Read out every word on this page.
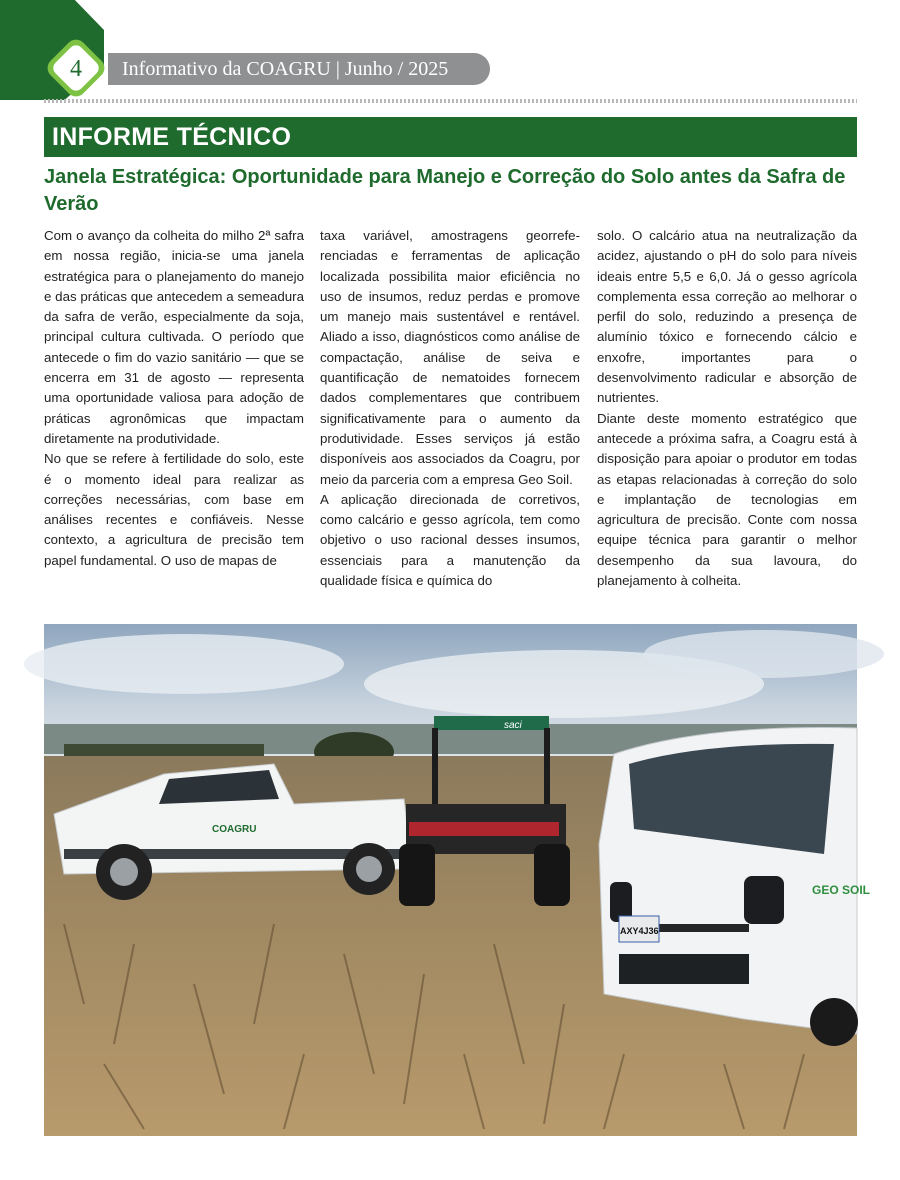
4	Informativo da COAGRU | Junho / 2025
INFORME TÉCNICO
Janela Estratégica: Oportunidade para Manejo e Correção do Solo antes da Safra de Verão

Com o avanço da colheita do milho 2ª safra em nossa região, inicia-se uma janela estratégica para o planejamento do manejo e das práticas que antecedem a semeadura da safra de verão, especialmente da soja, principal cultura cultivada. O período que antecede o fim do vazio sanitário — que se encerra em 31 de agosto — representa uma oportunidade valiosa para adoção de práticas agronômicas que impactam diretamente na produtividade.

No que se refere à fertilidade do solo, este é o momento ideal para realizar as correções necessárias, com base em análises recentes e confiáveis. Nesse contexto, a agricultura de precisão tem papel fundamental. O uso de mapas de

taxa variável, amostragens georreferenciadas e ferramentas de aplicação localizada possibilita maior eficiência no uso de insumos, reduz perdas e promove um manejo mais sustentável e rentável. Aliado a isso, diagnósticos como análise de compactação, análise de seiva e quantificação de nematoides fornecem dados complementares que contribuem significativamente para o aumento da produtividade. Esses serviços já estão disponíveis aos associados da Coagru, por meio da parceria com a empresa Geo Soil.

A aplicação direcionada de corretivos, como calcário e gesso agrícola, tem como objetivo o uso racional desses insumos, essenciais para a manutenção da qualidade física e química do

solo. O calcário atua na neutralização da acidez, ajustando o pH do solo para níveis ideais entre 5,5 e 6,0. Já o gesso agrícola complementa essa correção ao melhorar o perfil do solo, reduzindo a presença de alumínio tóxico e fornecendo cálcio e enxofre, importantes para o desenvolvimento radicular e absorção de nutrientes.

Diante deste momento estratégico que antecede a próxima safra, a Coagru está à disposição para apoiar o produtor em todas as etapas relacionadas à correção do solo e implantação de tecnologias em agricultura de precisão. Conte com nossa equipe técnica para garantir o melhor desempenho da sua lavoura, do planejamento à colheita.

COAGRU
saci
AXY4J36
GEO SOIL
